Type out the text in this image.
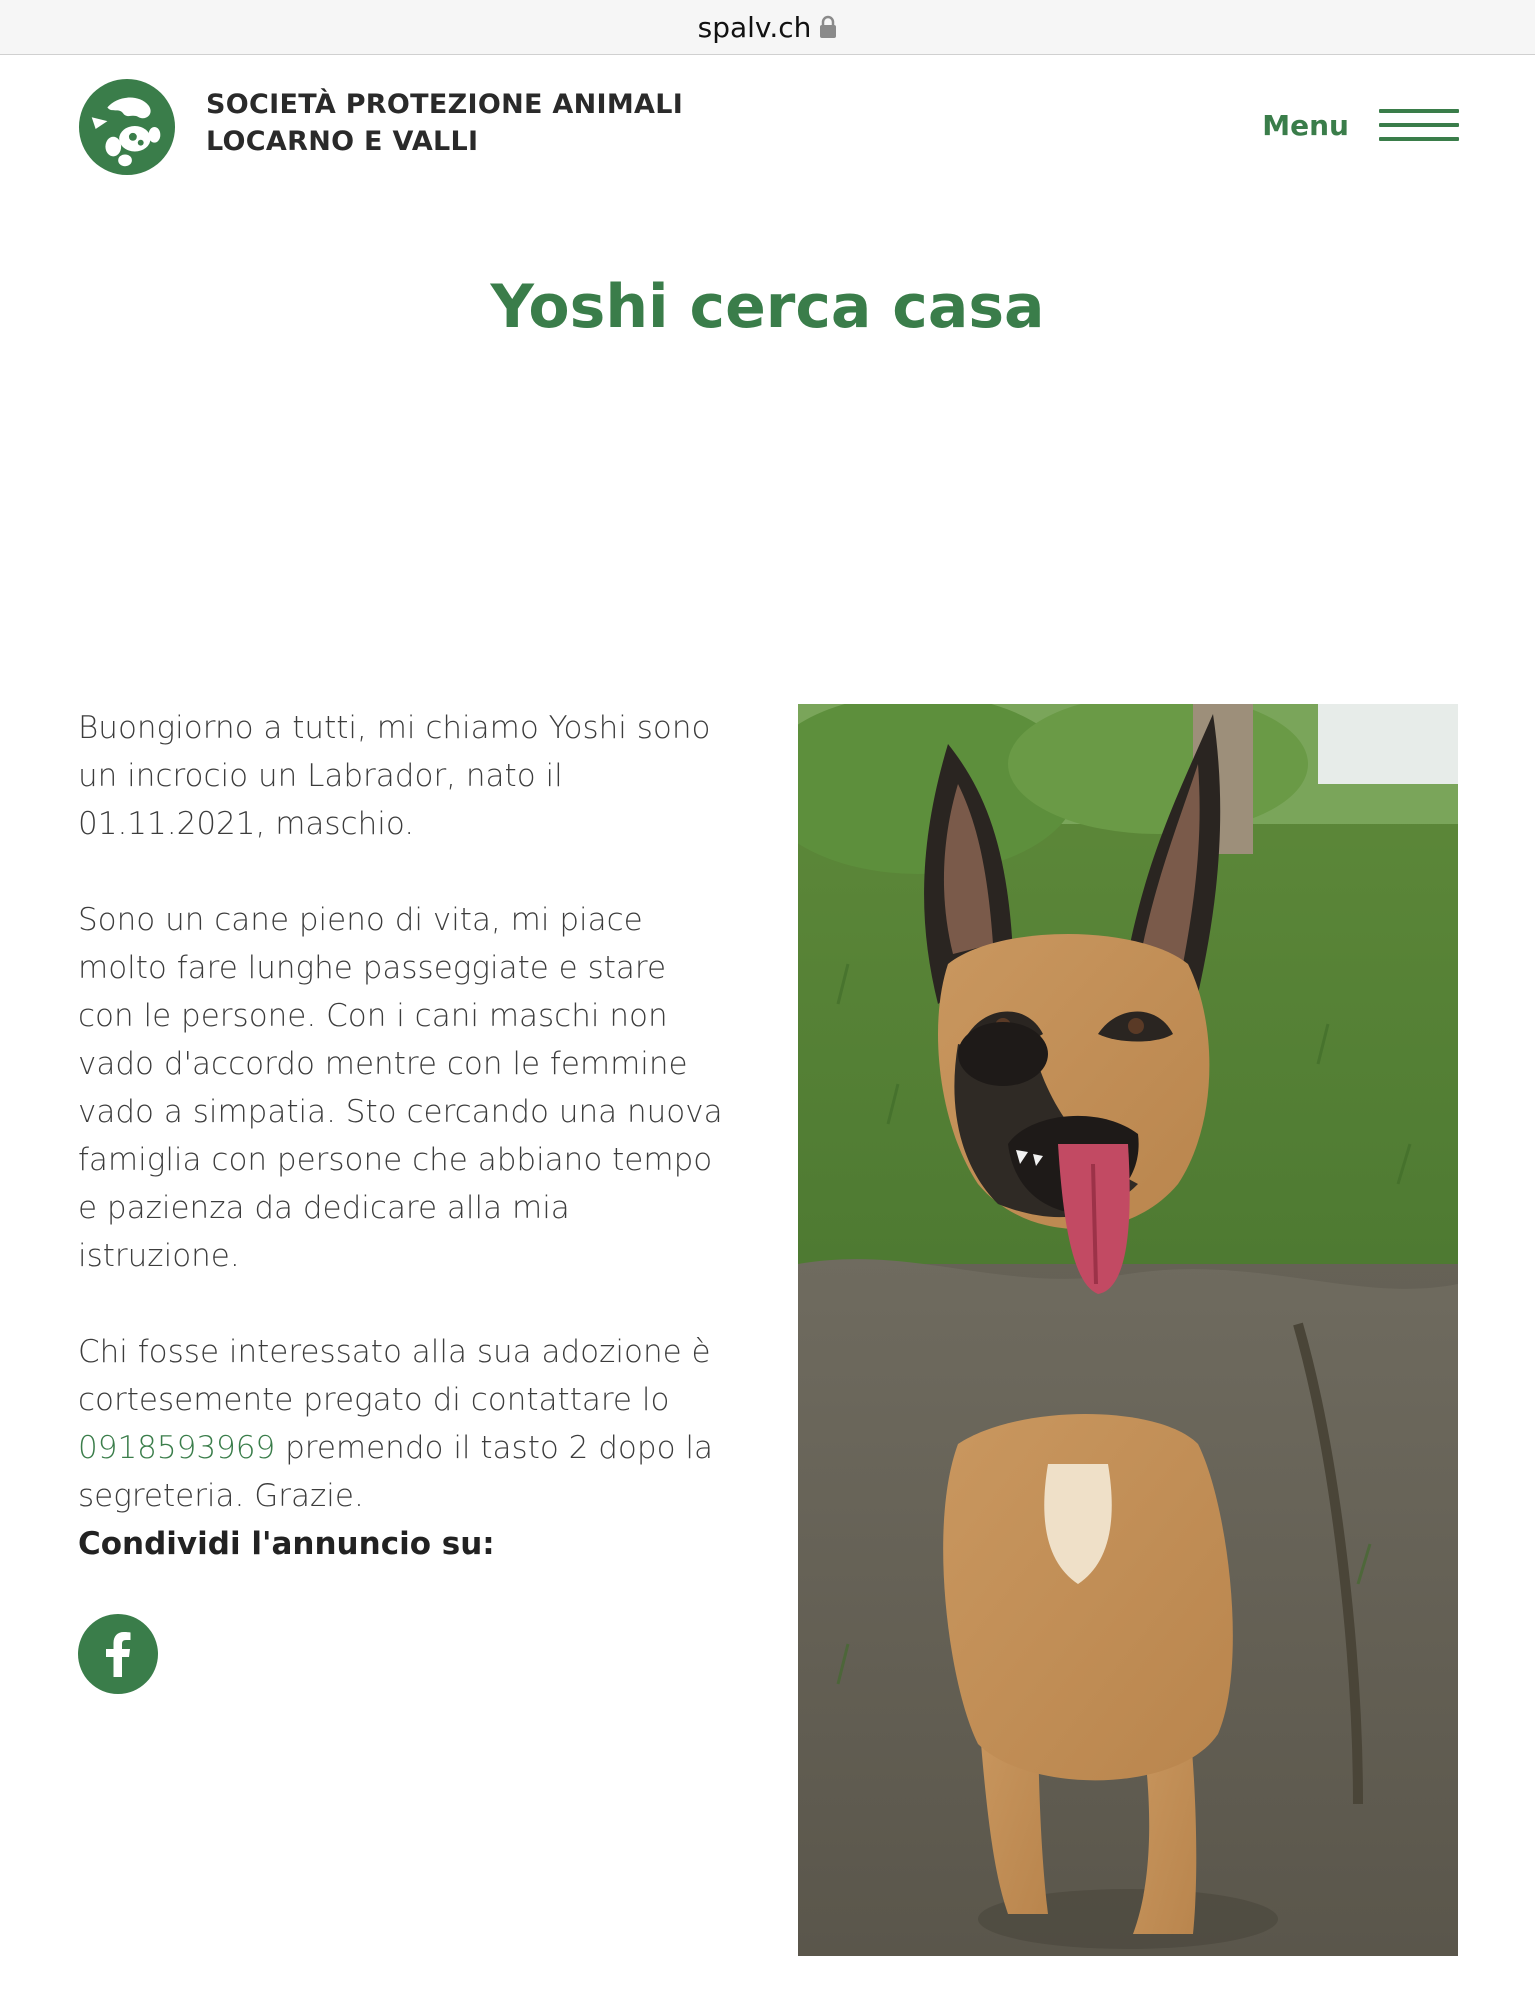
spalv.ch
SOCIETÀ PROTEZIONE ANIMALI
LOCARNO E VALLI	Menu
Yoshi cerca casa

Buongiorno a tutti, mi chiamo Yoshi sono un incrocio un Labrador, nato il 01.11.2021, maschio.

Sono un cane pieno di vita, mi piace molto fare lunghe passeggiate e stare con le persone. Con i cani maschi non vado d'accordo mentre con le femmine vado a simpatia. Sto cercando una nuova famiglia con persone che abbiano tempo e pazienza da dedicare alla mia istruzione.

Chi fosse interessato alla sua adozione è cortesemente pregato di contattare lo 0918593969 premendo il tasto 2 dopo la segreteria. Grazie.

Condividi l'annuncio su:
